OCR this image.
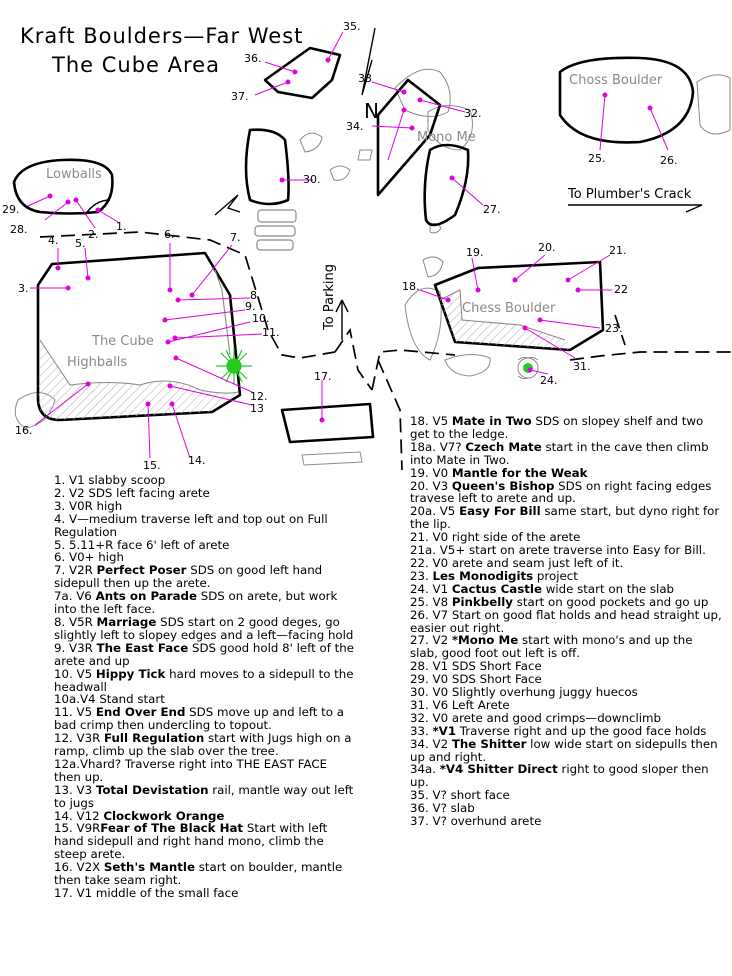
Kraft Boulders—Far West
The Cube Area
Lowballs
The Cube
Highballs
Chess Boulder
Choss Boulder
Mono Me
To Plumber's Crack
To Parking
N
1.
2.
3.
4. 5.
6.	7.
8.
9.
10.
11.
12.
13
14.
15.
16.
17.
18.
19.	20.	21.
22
23.
24.
25.	26.
27.
28.
29.
30.
31.
32.
33
34.
35.
36.
37.
1. V1 slabby scoop
2. V2 SDS left facing arete
3. V0R high
4. V—medium traverse left and top out on Full Regulation
5. 5.11+R face 6' left of arete
6. V0+ high
7. V2R Perfect Poser SDS on good left hand sidepull then up the arete.
7a. V6 Ants on Parade SDS on arete, but work into the left face.
8. V5R Marriage SDS start on 2 good deges, go slightly left to slopey edges and a left—facing hold
9. V3R The East Face SDS good hold 8' left of the arete and up
10. V5 Hippy Tick hard moves to a sidepull to the headwall
10a.V4 Stand start
11. V5 End Over End SDS move up and left to a bad crimp then undercling to topout.
12. V3R Full Regulation start with Jugs high on a ramp, climb up the slab over the tree.
12a.Vhard? Traverse right into THE EAST FACE then up.
13. V3 Total Devistation rail, mantle way out left to jugs
14. V12 Clockwork Orange
15. V9RFear of The Black Hat Start with left hand sidepull and right hand mono, climb the steep arete.
16. V2X Seth's Mantle start on boulder, mantle then take seam right.
17. V1 middle of the small face
18. V5 Mate in Two SDS on slopey shelf and two get to the ledge.
18a. V7? Czech Mate start in the cave then climb into Mate in Two.
19. V0 Mantle for the Weak
20. V3 Queen's Bishop SDS on right facing edges travese left to arete and up.
20a. V5 Easy For Bill same start, but dyno right for the lip.
21. V0 right side of the arete
21a. V5+ start on arete traverse into Easy for Bill.
22. V0 arete and seam just left of it.
23. Les Monodigits project
24. V1 Cactus Castle wide start on the slab
25. V8 Pinkbelly start on good pockets and go up
26. V7 Start on good flat holds and head straight up, easier out right.
27. V2 *Mono Me start with mono's and up the slab, good foot out left is off.
28. V1 SDS Short Face
29. V0 SDS Short Face
30. V0 Slightly overhung juggy huecos
31. V6 Left Arete
32. V0 arete and good crimps—downclimb
33. *V1 Traverse right and up the good face holds
34. V2 The Shitter low wide start on sidepulls then up and right.
34a. *V4 Shitter Direct right to good sloper then up.
35. V? short face
36. V? slab
37. V? overhund arete
